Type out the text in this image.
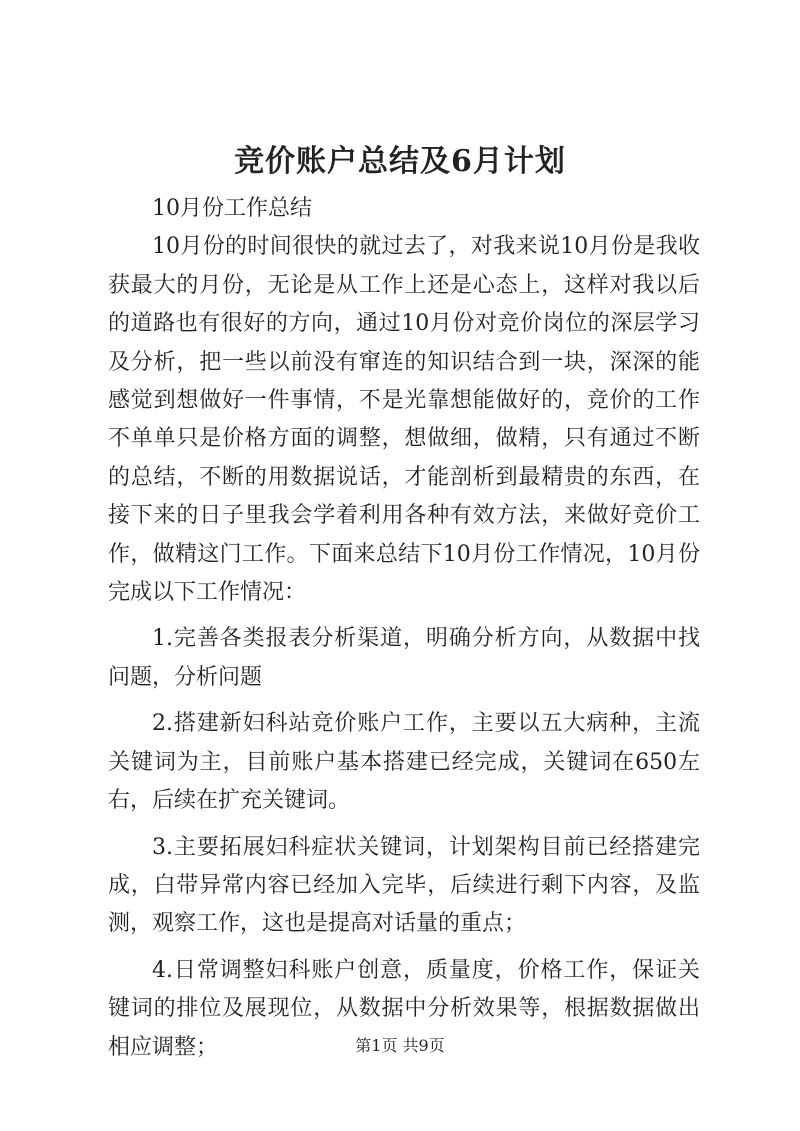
竞价账户总结及6月计划

10月份工作总结

10月份的时间很快的就过去了，对我来说10月份是我收获最大的月份，无论是从工作上还是心态上，这样对我以后的道路也有很好的方向，通过10月份对竞价岗位的深层学习及分析，把一些以前没有窜连的知识结合到一块，深深的能感觉到想做好一件事情，不是光靠想能做好的，竞价的工作不单单只是价格方面的调整，想做细，做精，只有通过不断的总结，不断的用数据说话，才能剖析到最精贵的东西，在接下来的日子里我会学着利用各种有效方法，来做好竞价工作，做精这门工作。下面来总结下10月份工作情况，10月份完成以下工作情况：

1.完善各类报表分析渠道，明确分析方向，从数据中找问题，分析问题

2.搭建新妇科站竞价账户工作，主要以五大病种，主流关键词为主，目前账户基本搭建已经完成，关键词在650左右，后续在扩充关键词。

3.主要拓展妇科症状关键词，计划架构目前已经搭建完成，白带异常内容已经加入完毕，后续进行剩下内容，及监测，观察工作，这也是提高对话量的重点；

4.日常调整妇科账户创意，质量度，价格工作，保证关键词的排位及展现位，从数据中分析效果等，根据数据做出相应调整；	第1页 共9页
